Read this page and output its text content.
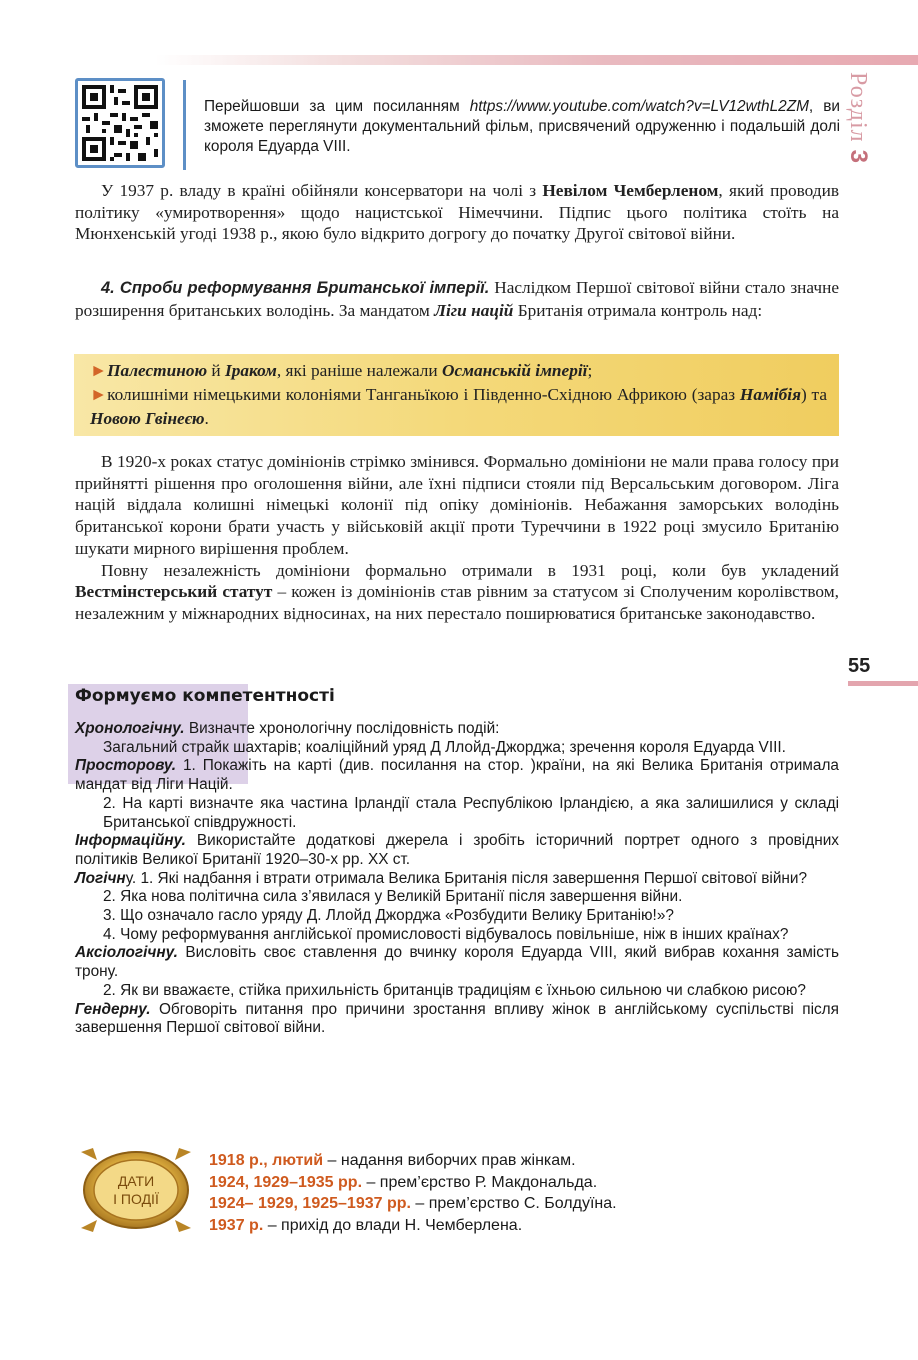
Розділ 3
55
Перейшовши за цим посиланням https://www.youtube.com/watch?v=LV12wthL2ZM, ви зможете переглянути документальний фільм, присвячений одруженню і подальшій долі короля Едуарда VIII.

У 1937 р. владу в країні обійняли консерватори на чолі з Невілом Чемберленом, який проводив політику «умиротворення» щодо нацистської Німеччини. Підпис цього політика стоїть на Мюнхенській угоді 1938 р., якою було відкрито догрогу до початку Другої світової війни.

4. Спроби реформування Британської імперії. Наслідком Першої світової війни стало значне розширення британських володінь. За мандатом Ліги націй Британія отримала контроль над:

►Палестиною й Іраком, які раніше належали Османській імперії;
►колишніми німецькими колоніями Танганьїкою і Південно-Східною Африкою (зараз Намібія) та Новою Гвінеєю.

В 1920-х роках статус домініонів стрімко змінився. Формально домініони не мали права голосу при прийнятті рішення про оголошення війни, але їхні підписи стояли під Версальським договором. Ліга націй віддала колишні німецькі колонії під опіку домініонів. Небажання заморських володінь британської корони брати участь у військовій акції проти Туреччини в 1922 році змусило Британію шукати мирного вирішення проблем.

Повну незалежність домініони формально отримали в 1931 році, коли був укладений Вестмінстерський статут – кожен із домініонів став рівним за статусом зі Сполученим королівством, незалежним у міжнародних відносинах, на них перестало поширюватися британське законодавство.

Формуємо компетентності

Хронологічну. Визначте хронологічну послідовність подій:

Загальний страйк шахтарів; коаліційний уряд Д Ллойд-Джорджа; зречення короля Едуарда VIII.

Просторову. 1. Покажіть на карті (див. посилання на стор. )країни, на які Велика Британія отримала мандат від Ліги Націй.

2. На карті визначте яка частина Ірландії стала Республікою Ірландією, а яка залишилися у складі Британської співдружності.

Інформаційну. Використайте додаткові джерела і зробіть історичний портрет одного з провідних політиків Великої Британії 1920–30-х рр. ХХ ст.

Логічну. 1. Які надбання і втрати отримала Велика Британія після завершення Першої світової війни?

2. Яка нова політична сила з’явилася у Великій Британії після завершення війни.

3. Що означало гасло уряду Д. Ллойд Джорджа «Розбудити Велику Британію!»?

4. Чому реформування англійської промисловості відбувалось повільніше, ніж в інших країнах?

Аксіологічну. Висловіть своє ставлення до вчинку короля Едуарда VIII, який вибрав кохання замість трону.

2. Як ви вважаєте, стійка прихильність британців традиціям є їхньою сильною чи слабкою рисою?

Гендерну. Обговоріть питання про причини зростання впливу жінок в англійському суспільстві після завершення Першої світової війни.

ДАТИ
І ПОДІЇ
1918 р., лютий – надання виборчих прав жінкам.
1924, 1929–1935 рр. – прем’єрство Р. Макдональда.
1924– 1929, 1925–1937 рр. – прем’єрство С. Болдуїна.
1937 р. – прихід до влади Н. Чемберлена.
